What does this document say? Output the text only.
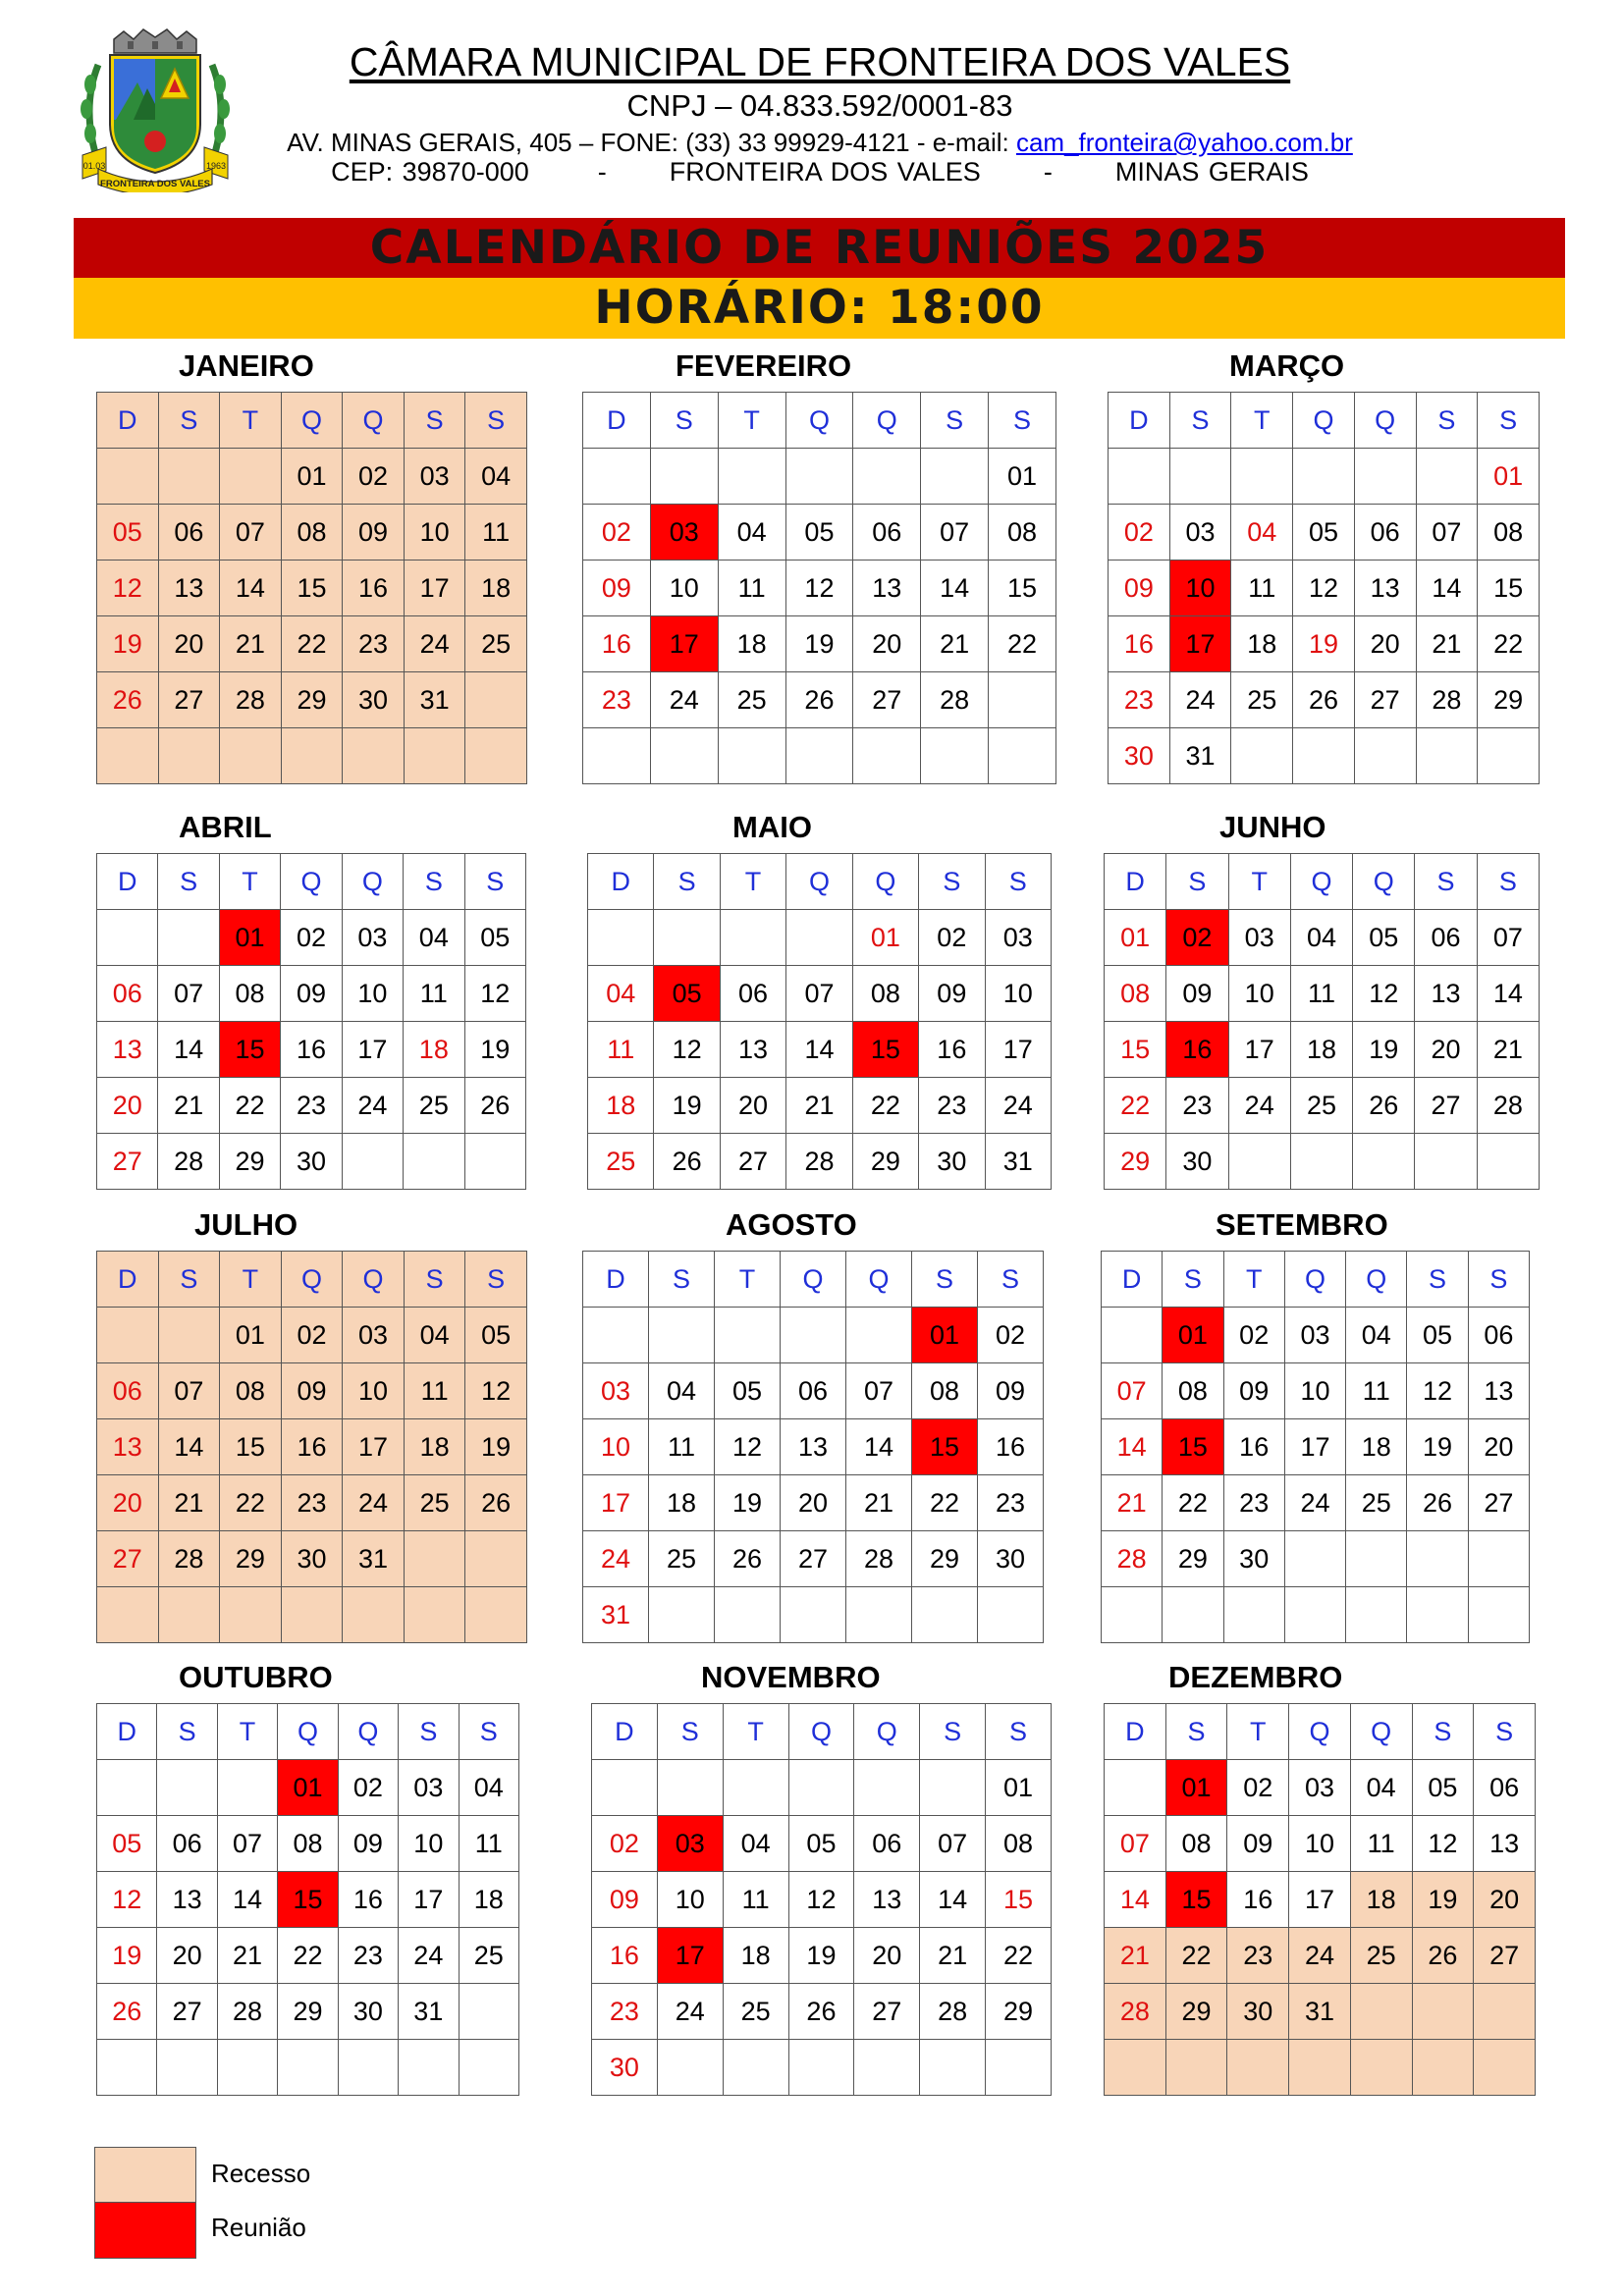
01.03	1963
FRONTEIRA DOS VALES
CÂMARA MUNICIPAL DE FRONTEIRA DOS VALES
CNPJ – 04.833.592/0001-83
AV. MINAS GERAIS, 405 – FONE: (33) 33 99929-4121 - e-mail: cam_fronteira@yahoo.com.br
CEP: 39870-000	- FRONTEIRA DOS VALES - MINAS GERAIS
CALENDÁRIO DE REUNIÕES 2025
HORÁRIO: 18:00
JANEIRO
D	S	T	Q	Q	S	S
			01	02	03	04
05	06	07	08	09	10	11
12	13	14	15	16	17	18
19	20	21	22	23	24	25
26	27	28	29	30	31	

FEVEREIRO
D	S	T	Q	Q	S	S
						01
02	03	04	05	06	07	08
09	10	11	12	13	14	15
16	17	18	19	20	21	22
23	24	25	26	27	28	

MARÇO
D	S	T	Q	Q	S	S
						01
02	03	04	05	06	07	08
09	10	11	12	13	14	15
16	17	18	19	20	21	22
23	24	25	26	27	28	29
30	31					
ABRIL
D	S	T	Q	Q	S	S
		01	02	03	04	05
06	07	08	09	10	11	12
13	14	15	16	17	18	19
20	21	22	23	24	25	26
27	28	29	30			
MAIO
D	S	T	Q	Q	S	S
				01	02	03
04	05	06	07	08	09	10
11	12	13	14	15	16	17
18	19	20	21	22	23	24
25	26	27	28	29	30	31
JUNHO
D	S	T	Q	Q	S	S
01	02	03	04	05	06	07
08	09	10	11	12	13	14
15	16	17	18	19	20	21
22	23	24	25	26	27	28
29	30					
JULHO
D	S	T	Q	Q	S	S
		01	02	03	04	05
06	07	08	09	10	11	12
13	14	15	16	17	18	19
20	21	22	23	24	25	26
27	28	29	30	31		

AGOSTO
D	S	T	Q	Q	S	S
					01	02
03	04	05	06	07	08	09
10	11	12	13	14	15	16
17	18	19	20	21	22	23
24	25	26	27	28	29	30
31						
SETEMBRO
D	S	T	Q	Q	S	S
	01	02	03	04	05	06
07	08	09	10	11	12	13
14	15	16	17	18	19	20
21	22	23	24	25	26	27
28	29	30				

OUTUBRO
D	S	T	Q	Q	S	S
			01	02	03	04
05	06	07	08	09	10	11
12	13	14	15	16	17	18
19	20	21	22	23	24	25
26	27	28	29	30	31	

NOVEMBRO
D	S	T	Q	Q	S	S
						01
02	03	04	05	06	07	08
09	10	11	12	13	14	15
16	17	18	19	20	21	22
23	24	25	26	27	28	29
30						
DEZEMBRO
D	S	T	Q	Q	S	S
	01	02	03	04	05	06
07	08	09	10	11	12	13
14	15	16	17	18	19	20
21	22	23	24	25	26	27
28	29	30	31			

Recesso
Reunião
